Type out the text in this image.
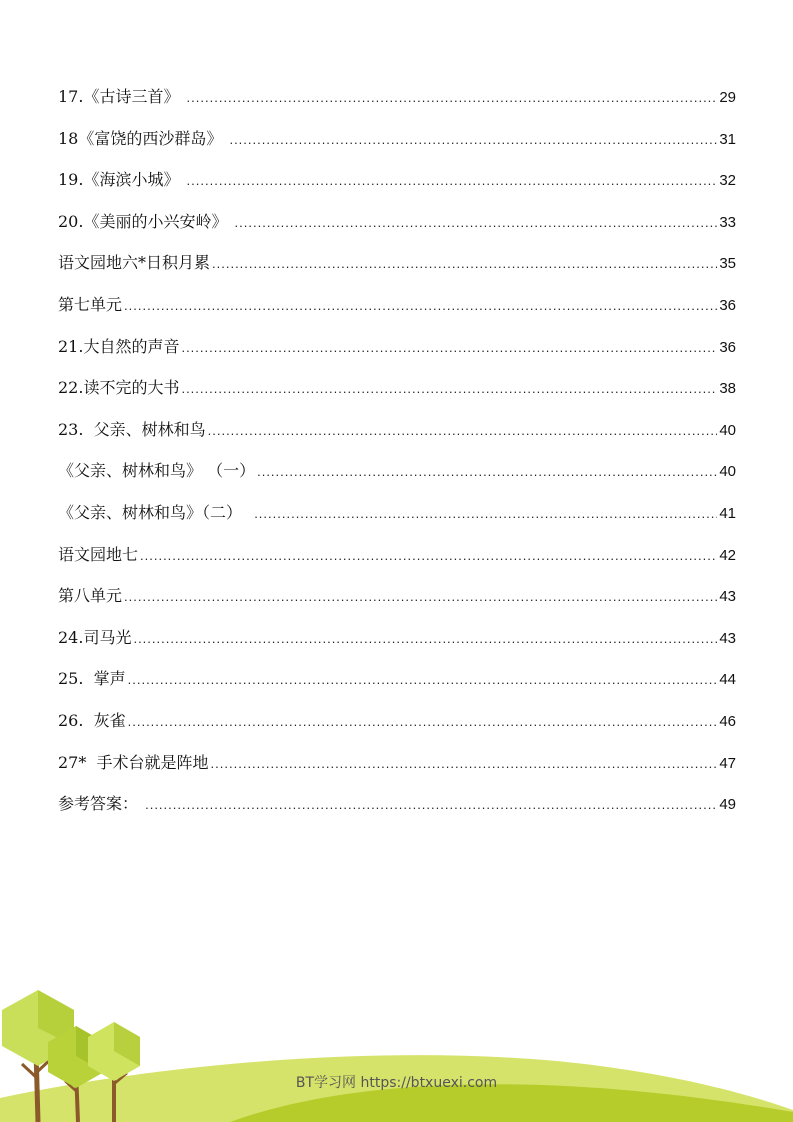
17.《古诗三首》 .....	29
18《富饶的西沙群岛》 .....	31
19.《海滨小城》 .....	32
20.《美丽的小兴安岭》 .....	33
语文园地六*日积月累 .....	35
第七单元 .....	36
21.大自然的声音 .....	36
22.读不完的大书 .....	38
23.  父亲、树林和鸟 .....	40
《父亲、树林和鸟》 （一） .....	40
《父亲、树林和鸟》（二） .....	41
语文园地七 .....	42
第八单元 .....	43
24.司马光 .....	43
25.  掌声 .....	44
26.  灰雀 .....	46
27*  手术台就是阵地 .....	47
参考答案： .....	49
BT学习网 https://btxuexi.com
